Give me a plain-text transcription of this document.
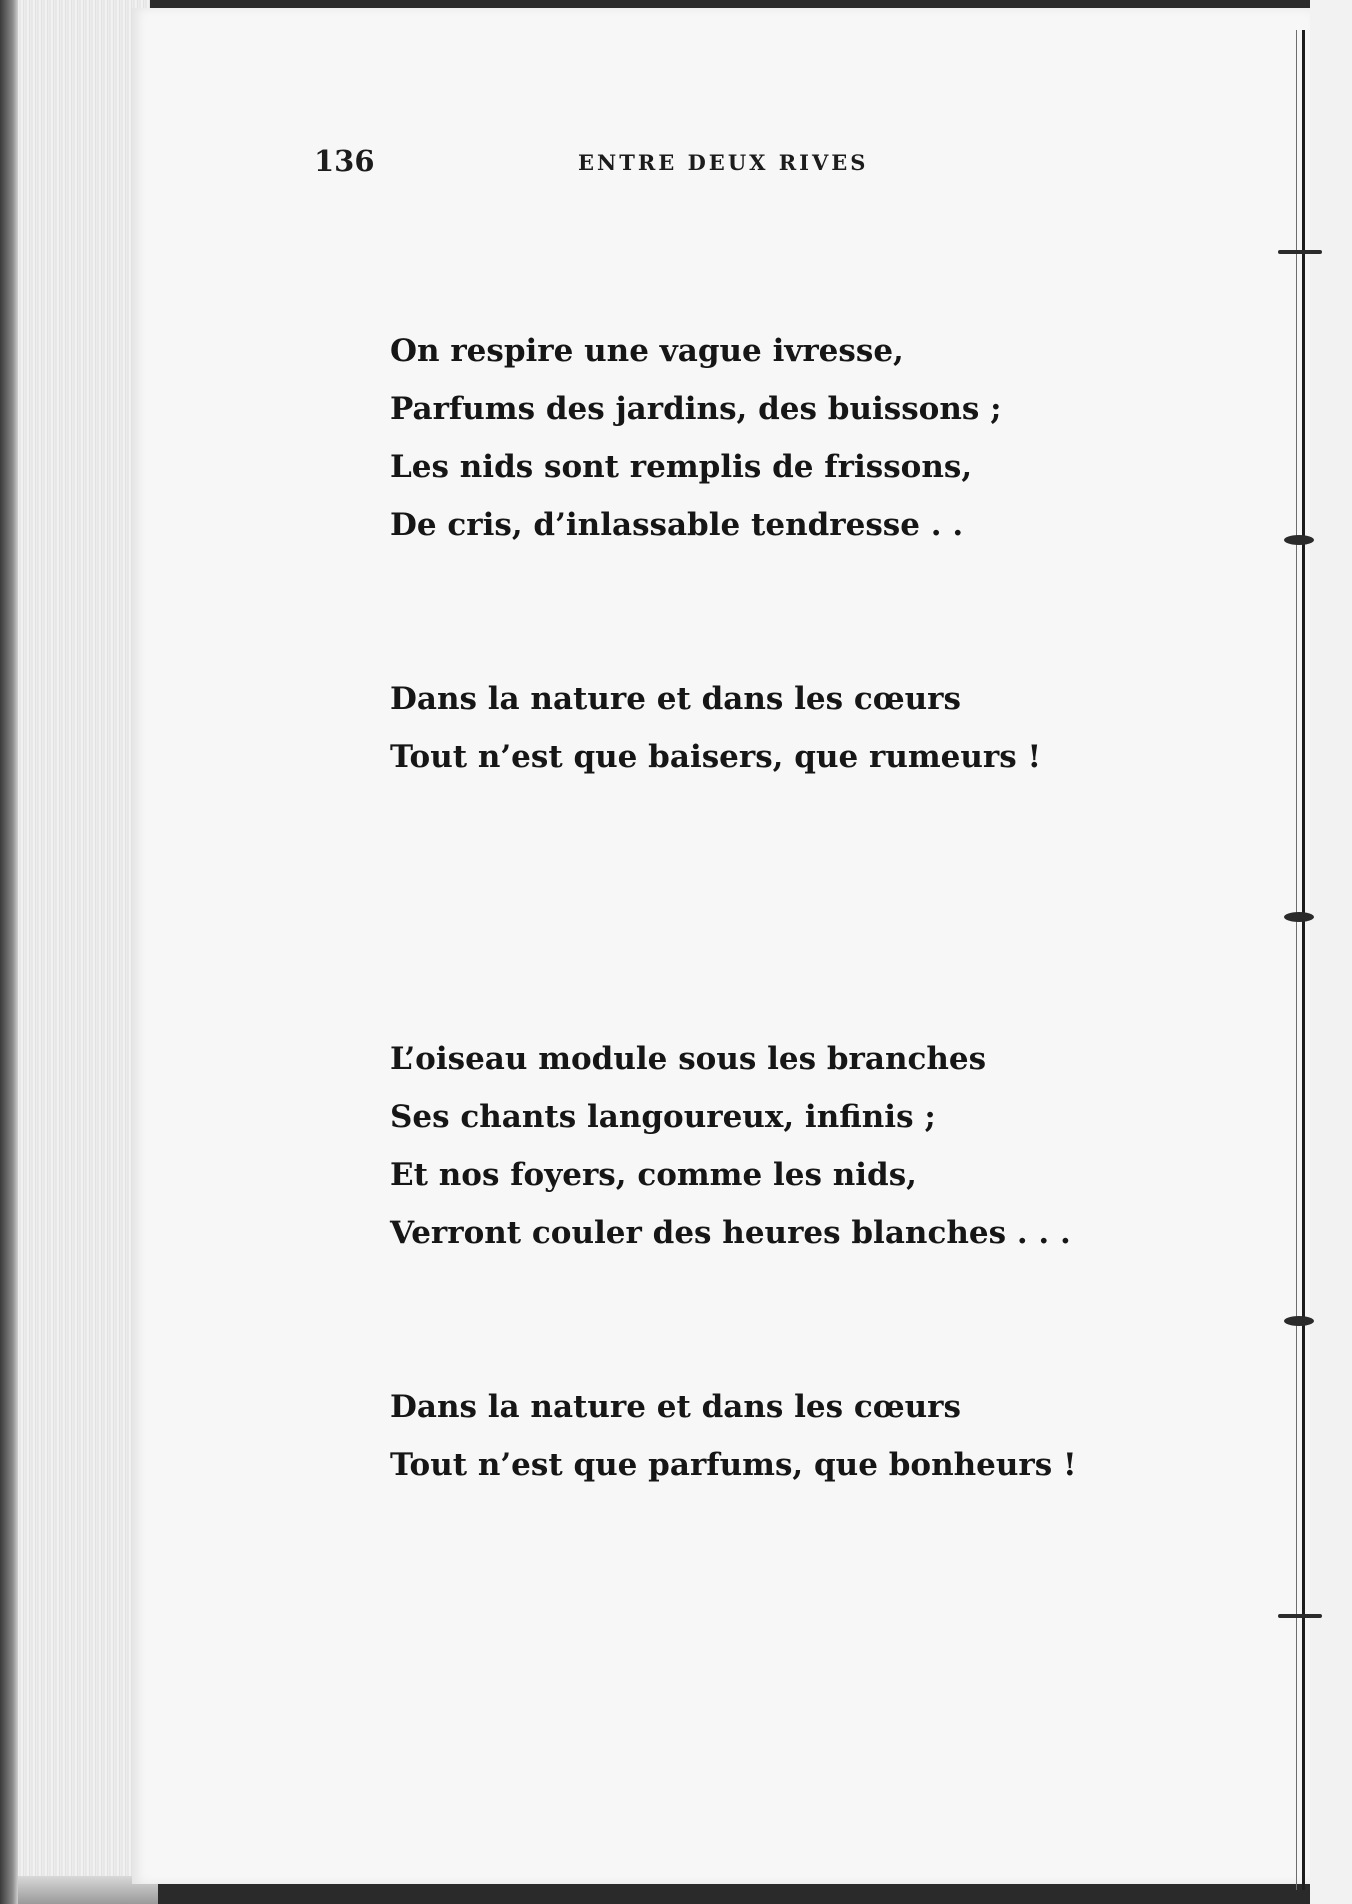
136	ENTRE DEUX RIVES
On respire une vague ivresse,
Parfums des jardins, des buissons ;
Les nids sont remplis de frissons,
De cris, d’inlassable tendresse . .
Dans la nature et dans les cœurs
Tout n’est que baisers, que rumeurs !
L’oiseau module sous les branches
Ses chants langoureux, infinis ;
Et nos foyers, comme les nids,
Verront couler des heures blanches . . .
Dans la nature et dans les cœurs
Tout n’est que parfums, que bonheurs !
